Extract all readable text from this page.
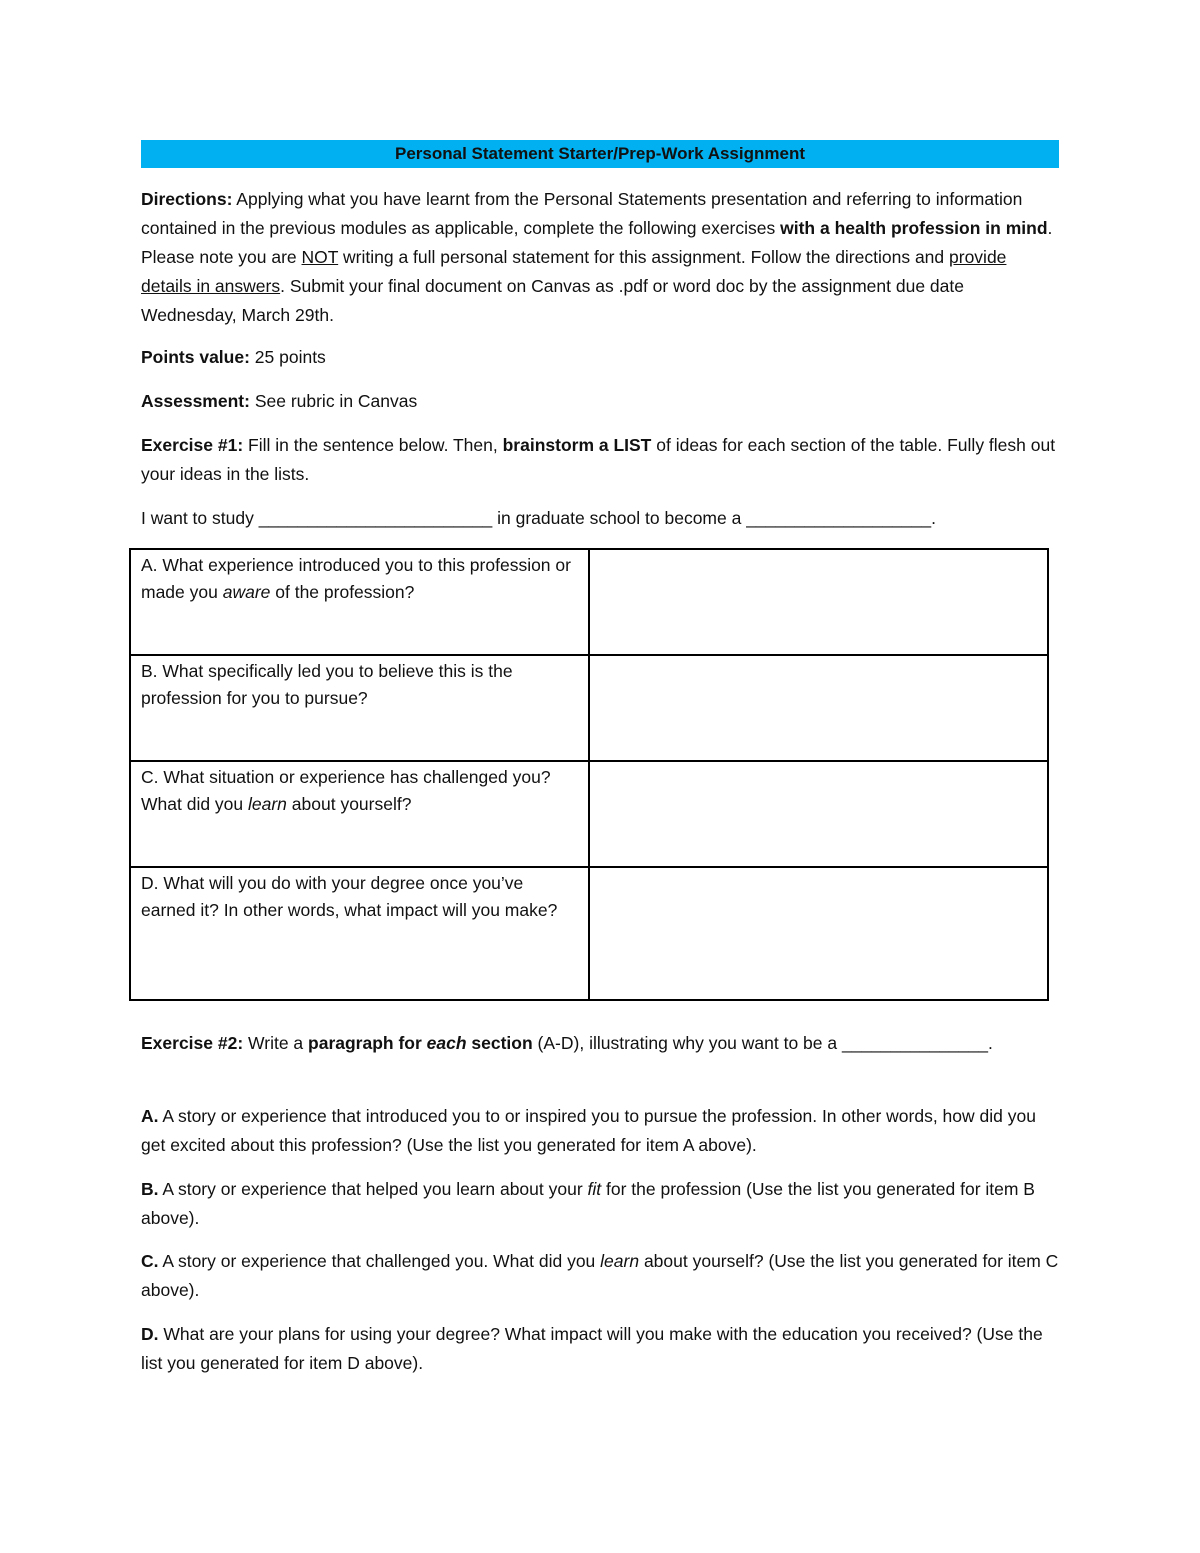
Personal Statement Starter/Prep-Work Assignment

Directions: Applying what you have learnt from the Personal Statements presentation and referring to information contained in the previous modules as applicable, complete the following exercises with a health profession in mind. Please note you are NOT writing a full personal statement for this assignment. Follow the directions and provide details in answers. Submit your final document on Canvas as .pdf or word doc by the assignment due date Wednesday, March 29th.

Points value: 25 points

Assessment: See rubric in Canvas

Exercise #1: Fill in the sentence below. Then, brainstorm a LIST of ideas for each section of the table. Fully flesh out your ideas in the lists.

I want to study ________________________ in graduate school to become a ___________________.

A. What experience introduced you to this profession or made you aware of the profession?	
B. What specifically led you to believe this is the profession for you to pursue?	
C. What situation or experience has challenged you? What did you learn about yourself?	
D. What will you do with your degree once you’ve earned it? In other words, what impact will you make?	

Exercise #2: Write a paragraph for each section (A-D), illustrating why you want to be a _______________.

A. A story or experience that introduced you to or inspired you to pursue the profession. In other words, how did you get excited about this profession? (Use the list you generated for item A above).

B. A story or experience that helped you learn about your fit for the profession (Use the list you generated for item B above).

C. A story or experience that challenged you. What did you learn about yourself? (Use the list you generated for item C above).

D. What are your plans for using your degree? What impact will you make with the education you received? (Use the list you generated for item D above).
